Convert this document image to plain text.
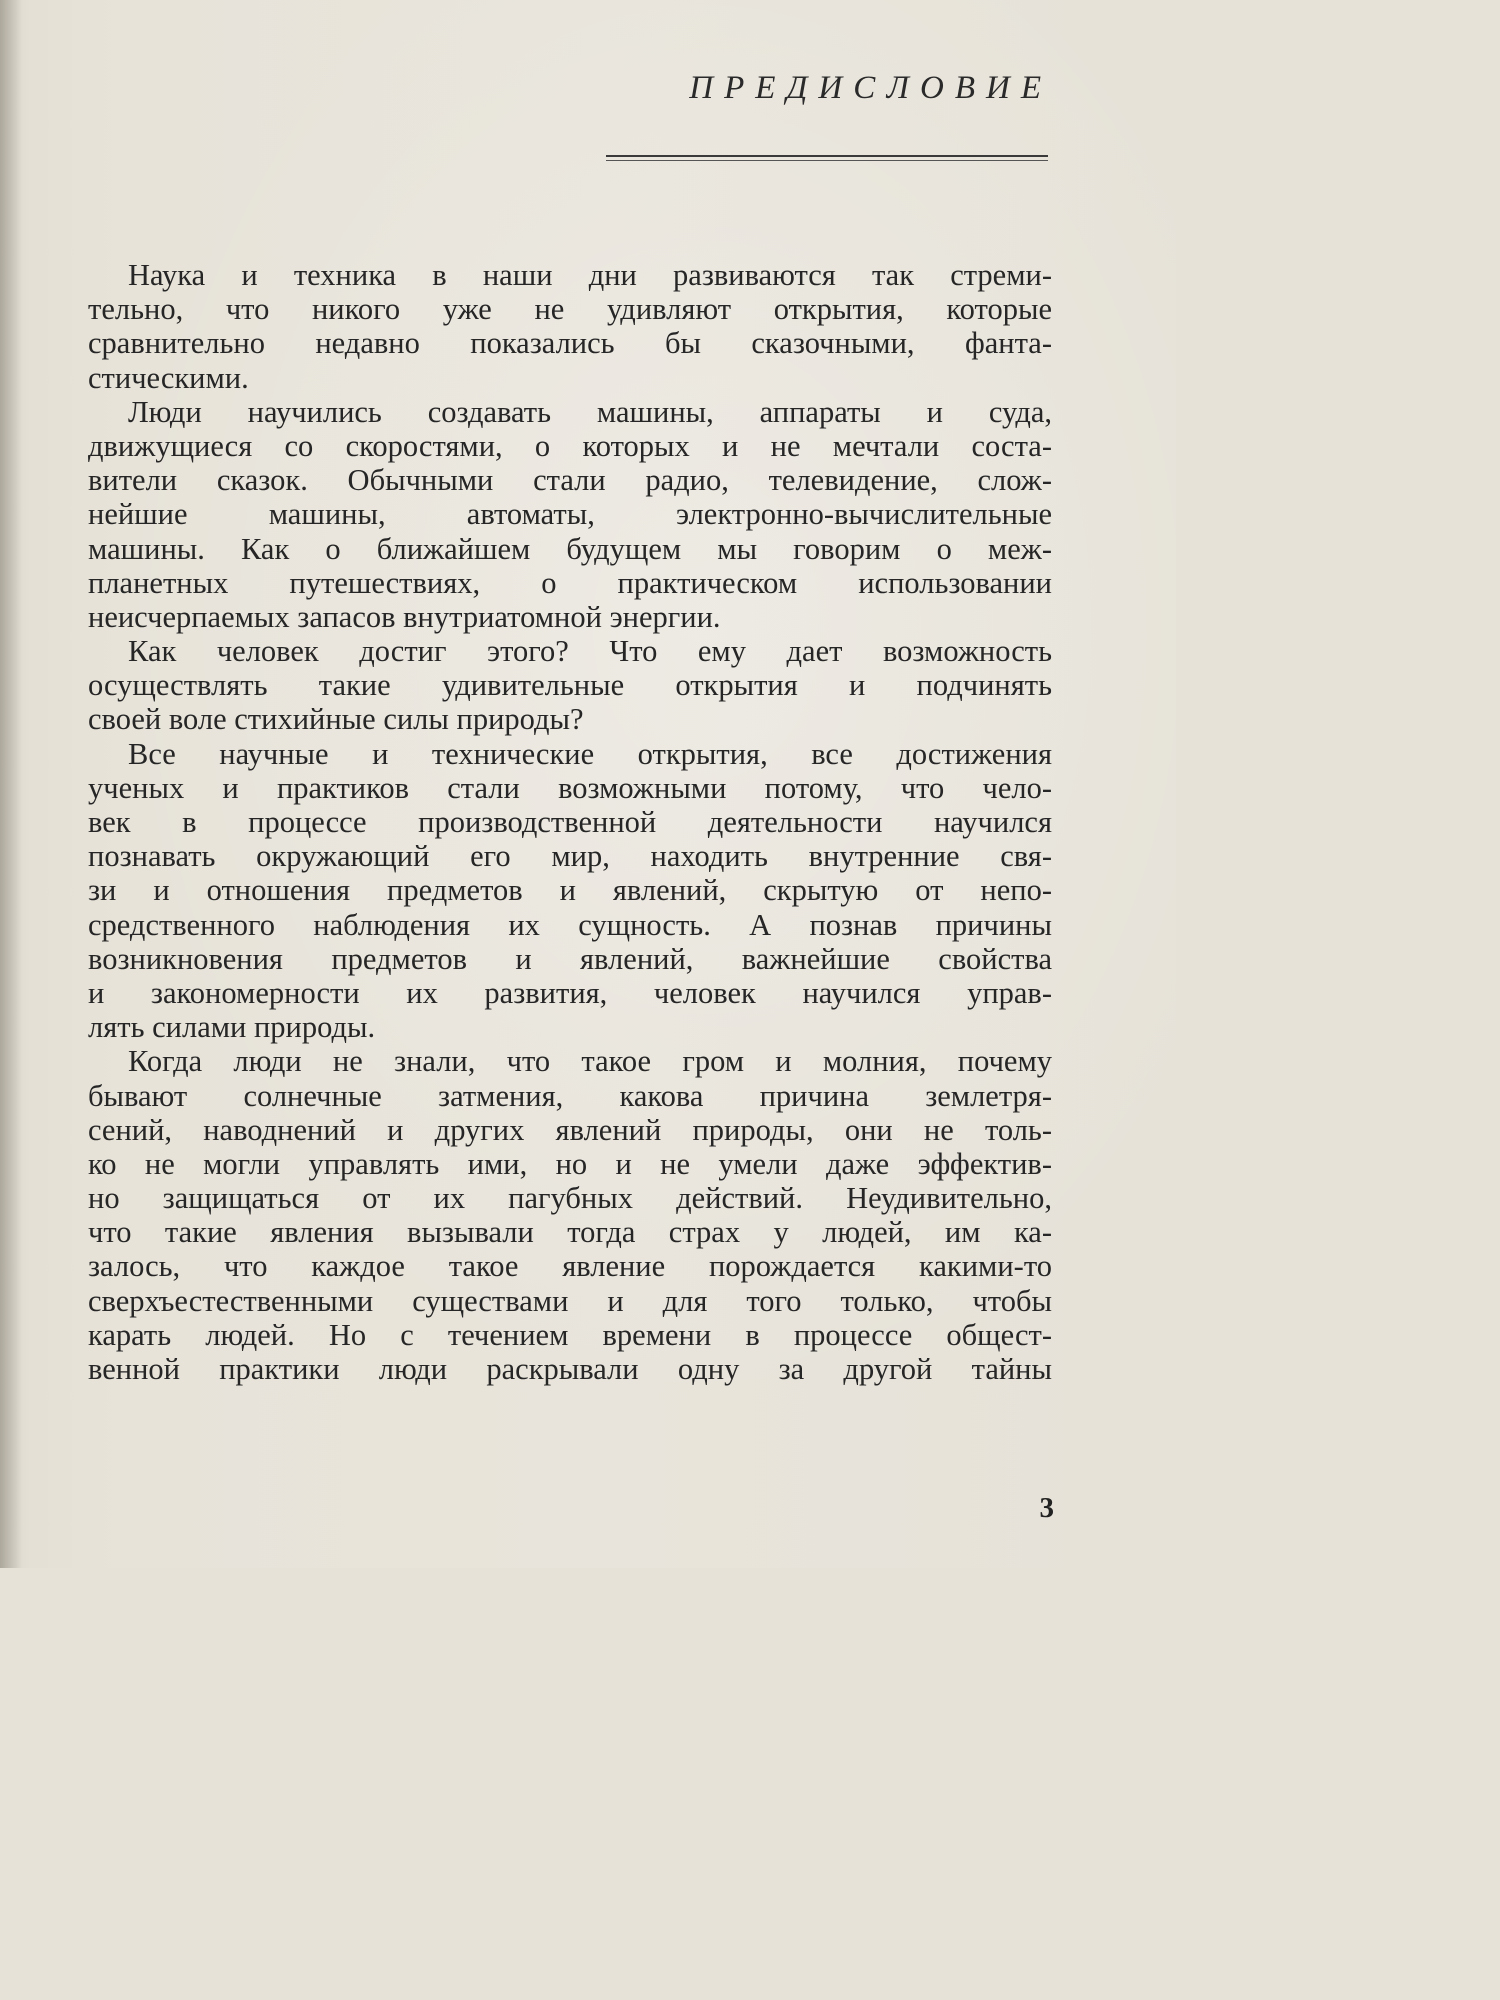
ПРЕДИСЛОВИЕ
Наука и техника в наши дни развиваются так стреми-
тельно, что никого уже не удивляют открытия, которые
сравнительно недавно показались бы сказочными, фанта-
стическими.
Люди научились создавать машины, аппараты и суда,
движущиеся со скоростями, о которых и не мечтали соста-
вители сказок. Обычными стали радио, телевидение, слож-
нейшие машины, автоматы, электронно-вычислительные
машины. Как о ближайшем будущем мы говорим о меж-
планетных путешествиях, о практическом использовании
неисчерпаемых запасов внутриатомной энергии.
Как человек достиг этого? Что ему дает возможность
осуществлять такие удивительные открытия и подчинять
своей воле стихийные силы природы?
Все научные и технические открытия, все достижения
ученых и практиков стали возможными потому, что чело-
век в процессе производственной деятельности научился
познавать окружающий его мир, находить внутренние свя-
зи и отношения предметов и явлений, скрытую от непо-
средственного наблюдения их сущность. А познав причины
возникновения предметов и явлений, важнейшие свойства
и закономерности их развития, человек научился управ-
лять силами природы.
Когда люди не знали, что такое гром и молния, почему
бывают солнечные затмения, какова причина землетря-
сений, наводнений и других явлений природы, они не толь-
ко не могли управлять ими, но и не умели даже эффектив-
но защищаться от их пагубных действий. Неудивительно,
что такие явления вызывали тогда страх у людей, им ка-
залось, что каждое такое явление порождается какими-то
сверхъестественными существами и для того только, чтобы
карать людей. Но с течением времени в процессе общест-
венной практики люди раскрывали одну за другой тайны
3
